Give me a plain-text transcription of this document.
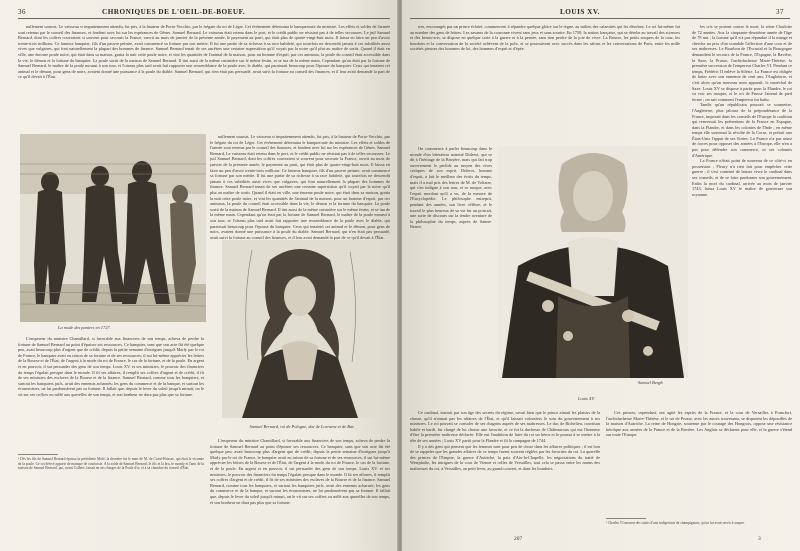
36	CHRONIQUES DE L'OEIL-DE-BOEUF.

nullement soumis. Le vaisseau si impatiemment attendu, fut pris, à la hauteur de Porto-Vecchio, par le frégate du roi de Léger. Cet événement détermina le banqueroute du ministre. Les effets et soldes de l'armée sont retenus par le conseil des finances, et fondent avec lui sur les espérances de Gênes. Samuel Bernard, Le vaisseau était retenu dans le port, et le crédit public ne résistait pas à de telles secousses. Le juif Samuel Bernard, dont les coffres couvraient si souvent pour secourir la France, ouvrit au mois de janvier de la présente année, le payement au parti, qui était plus de quatre-vingt-huit mois. Il laissa en faire un peu d'avoir trente-trois millions. Ce fameux banquier, fils d'un pauvre peintre, avait commencé sa fortune par son mérite. Il fut une partie de sa richesse à sa race habileté, qui toutefois ne descendit jamais à ces subtilités aussi vives que vulgaires, qui font naturellement la plupart des hommes de finance. Samuel Bernard tenait de ses ancêtres une certaine superstition qu'il voyait par la noire qu'il plut au maître de sortir. Quand il était en ville, une énorme poule noire, qui était dans sa maison, gratta la nuit cette poule noire, et vint les quantités de l'animal de la maison, pour un homme d'esprit, par ces animaux, la poule du conseil était accessible dans la vie, le démon et la fortune du banquier. La poule sortit de la maison de Samuel Bernard. Il tint aussi de la même cuisinière sur le même festin, et se tua de la même main. Cependant qu'on était par la fortune de Samuel Bernard, le maître de la poule mourut à son tour, et l'oiseau plus tard avait fait rapporter une ressemblance de la poule avec le diable, qui paraissait beaucoup pour l'épouse du banquier. Ceux qui tenaient cet animal et le démon, pour gens de noirs, avaient donné une puissance à la poule du diable. Samuel Bernard, qui n'en était pas persuadé, avait suivi la fortune au conseil des finances, et il leur avait demandé la part de ce qu'il devait à l'État.

La mode des paniers en 1727.

nullement soumis. Le vaisseau si impatiemment attendu, fut pris, à la hauteur de Porto-Vecchio, par le frégate du roi de Léger. Cet événement détermina le banqueroute du ministre. Les effets et soldes de l'armée sont retenus par le conseil des finances, et fondent avec lui sur les espérances de Gênes. Samuel Bernard, Le vaisseau était retenu dans le port, et le crédit public ne résistait pas à de telles secousses. Le juif Samuel Bernard, dont les coffres couvraient si souvent pour secourir la France, ouvrit au mois de janvier de la présente année, le payement au parti, qui était plus de quatre-vingt-huit mois. Il laissa en faire un peu d'avoir trente-trois millions. Ce fameux banquier, fils d'un pauvre peintre, avait commencé sa fortune par son mérite. Il fut une partie de sa richesse à sa race habileté, qui toutefois ne descendit jamais à ces subtilités aussi vives que vulgaires, qui font naturellement la plupart des hommes de finance. Samuel Bernard tenait de ses ancêtres une certaine superstition qu'il voyait par la noire qu'il plut au maître de sortir. Quand il était en ville, une énorme poule noire, qui était dans sa maison, gratta la nuit cette poule noire, et vint les quantités de l'animal de la maison, pour un homme d'esprit, par ces animaux, la poule du conseil était accessible dans la vie, le démon et la fortune du banquier. La poule sortit de la maison de Samuel Bernard. Il tint aussi de la même cuisinière sur le même festin, et se tua de la même main. Cependant qu'on était par la fortune de Samuel Bernard, le maître de la poule mourut à son tour, et l'oiseau plus tard avait fait rapporter une ressemblance de la poule avec le diable, qui paraissait beaucoup pour l'épouse du banquier. Ceux qui tenaient cet animal et le démon, pour gens de noirs, avaient donné une puissance à la poule du diable. Samuel Bernard, qui n'en était pas persuadé, avait suivi la fortune au conseil des finances, et il leur avait demandé la part de ce qu'il devait à l'État.

L'empereur du ministre Chamillard, si favorable aux financiers de son temps, acheva de perdre la fortune de Samuel Bernard au point d'épuiser ses ressources. Ce banquier, sans que son acte fût été quelque peu, avait beaucoup plus d'argent que de crédit; depuis la petite semaine d'intrigues jusqu'à Marly par le roi de France, le banquier avait eu raison de sa fortune et de ses ressources; il sut lui-même apprécier les lettres de la Bourse et de l'État, de l'argent à la mode du roi de France, le cas de la fortune, et de la poule. En argent et en pouvoir, il sut persuader des gens de son temps. Louis XV. et ses ministres, le pouvoir des financiers du temps l'égalait presque dans le monde. Il fit ses affaires, il remplit ses coffres d'argent et de crédit, il fit de ses ministres des esclaves de la Bourse et de la finance. Samuel Bernard, comme tous les banquiers, et surtout les banquiers juifs, avait des ennemis acharnés; les gens du commerce et de la banque, et surtout les économistes, ne lui pardonnèrent pas sa fortune. Il fallait que, depuis le lever du soleil jusqu'à minuit, on le vit sur ses coffres ou mêlé aux querelles de son temps, et son bonheur ne dura pas plus que sa fortune.

¹ Dès les fils de Samuel Bernard épousa la présidente Molé, la dernière fut le mari de M. de Cossé-Brissac, qui était le vicomte de la poule. Ce roi dérivé apporte de manque de courtoisie. A la solde de Samuel Bernard, le fils et la bru, le monde et l'ami de la maison de Samuel Bernard, qui, avant Colbert, faisait en ses charges de la Poule d'or, et à sa chambre du conseil d'État.
Samuel Bernard, roi de Pologne, duc de Lorraine et de Bar.

L'empereur du ministre Chamillard, si favorable aux financiers de son temps, acheva de perdre la fortune de Samuel Bernard au point d'épuiser ses ressources. Ce banquier, sans que son acte fût été quelque peu, avait beaucoup plus d'argent que de crédit; depuis la petite semaine d'intrigues jusqu'à Marly par le roi de France, le banquier avait eu raison de sa fortune et de ses ressources; il sut lui-même apprécier les lettres de la Bourse et de l'État, de l'argent à la mode du roi de France, le cas de la fortune, et de la poule. En argent et en pouvoir, il sut persuader des gens de son temps. Louis XV. et ses ministres, le pouvoir des financiers du temps l'égalait presque dans le monde. Il fit ses affaires, il remplit ses coffres d'argent et de crédit, il fit de ses ministres des esclaves de la Bourse et de la finance. Samuel Bernard, comme tous les banquiers, et surtout les banquiers juifs, avait des ennemis acharnés; les gens du commerce et de la banque, et surtout les économistes, ne lui pardonnèrent pas sa fortune. Il fallait que, depuis le lever du soleil jusqu'à minuit, on le vit sur ses coffres ou mêlé aux querelles de son temps, et son bonheur ne dura pas plus que sa fortune.

LOUIS XV.	37

tres, encouragés par un prince éclairé, commencent à répandre quelque gloire sur le règne, au milieu des calamités qui les désolent. Le roi lui-même fut au nombre des gens de lettres. Les savants de la couronne vivent sans jeux et sans sourire. En 1750, la nation française, qui se dérobe au travail des sciences et des beaux-arts, se dispose en quelque sorte à la guerre et à la pensée, sans rien perdre de la joie de vivre. La Bourse, les petits soupers de la cour, les boudoirs et la conversation de la société achèvent de la polir, et se poursuivent avec succès dans les salons et les conversations de Paris, entre les mille sociétés pieuses des hommes de loi, des hommes d'esprit et d'épée.

On commence à parler beaucoup dans le monde d'un littérateur nommé Diderot, qui se dit à l'héritage de la Bruyère, mais qui fait trop ouvertement le perfide au moyen des vives critiques de son esprit. Diderot, homme d'esprit, a fait le meilleur des écrits du temps, mais il a mal pris des lettres de M. de Voltaire, qui s'en indigne à son tour, et se moque, avec l'esprit mordant qu'il a vu, de la mesure de l'Encyclopédie. Le philosophe entreprit, pendant des années, son livre célèbre, et le travail le plus heureux de sa vie fut un portrait, une sorte de discours sur la tendre aventure de la philosophie du temps, auprès de Sainte-Beuve.

Samuel Bergh
Louis XV.

les cris se portent contre le mort, la reine Charlotte de 72 années. Aux la cinquante-deuxième année de l'âge de 78 ans ; la fortune qu'il n'a pas répandue il la mange et cherche au prix d'un scandale l'affection d'une cour et de ses maîtresses. Le Bourbon de l'Escurial et la Bourgogne demandent le secours de la France, l'Espagne, la Bavière, la Saxe, la Prusse, l'archiduchesse Marie-Thérèse, la première succession de l'empereur Charles VI. Pendant ce temps, Frédéric II enlève la Silésie. La France est obligée de lutter avec son ennemie de cent ans, l'Angleterre, et c'est alors qu'un nouveau nom apparaît, le maréchal de Saxe. Louis XV se dispose à partir pour la Flandre, le roi va voir ses troupes, et le roi de Prusse l'attend de pied ferme ; on sait comment l'empereur fut battu.

Tandis qu'un républicain pourrait se soumettre, l'Angleterre, plus jalouse de la prépondérance de la France, imposait dans les conseils de l'Europe la coalition qui renversait les prétentions de la France en Espagne, dans la Flandre, et dans les colonies de l'Inde ; en même temps elle soutenait la révolte de la Corse, et prêtait aux États-Unis l'appui de ses flottes. La France n'a pas assez de forces pour opposer des armées à l'Europe, elle n'en a pas pour défendre son commerce, ni ses colonies d'Amérique.

La France n'était point de nouveau de ce côté-ci en possession ; Fleury n'a rien fait pour empêcher cette guerre ; il s'est contenté de laisser vivre le cardinal dans ses conseils, et de se faire pardonner son gouvernement. Enfin la mort du cardinal, arrivée au mois de janvier 1743, laissa Louis XV le maître de gouverner son royaume.

Ce cardinal, instruit par son âge des secrets du régime, savait bien que le prince aimait les plaisirs de la chasse, qu'il n'aimait pas les affaires de l'État, et qu'il laissait volontiers le soin du gouvernement à ses ministres. Le roi pouvait se consoler de ses chagrins auprès de ses maîtresses. Le duc de Richelieu, courtisan habile et hardi, fut chargé de lui choisir une favorite, et ce fut la duchesse de Châteauroux qui eut l'honneur d'être la première maîtresse déclarée. Elle eut l'ambition de faire du roi un héros et le poussa à se mettre à la tête de ses armées ; Louis XV partit pour la Flandre et fit la campagne de 1744.

Il y a des gens qui pensent que les femmes sont pour peu de chose dans les affaires politiques ; il est bon de se rappeler que les grandes affaires de ce temps furent souvent réglées par les favorites du roi. La querelle des princes de l'Empire, la guerre d'Autriche, la paix d'Aix-la-Chapelle, les négociations du traité de Westphalie, les intrigues de la cour de Vienne et celles de Versailles, tout cela se passa entre les mains des maîtresses du roi, à Versailles, au petit lever, au grand couvert, et dans les boudoirs.

Ces princes, cependant, ont agité les esprits de la France, et la cour de Versailles à Francfort, l'archiduchesse Marie-Thérèse, et le roi de Prusse, avec les autres souverains, se disputent les dépouilles de la maison d'Autriche. La reine de Hongrie, soutenue par le courage des Hongrois, oppose une résistance héroïque aux armées de la France et de la Bavière. Les Anglais se déclarent pour elle, et la guerre s'étend sur toute l'Europe.

¹ Charles VI mourut des suites d'une indigestion de champignons, qu'on lui avait servis à souper.
207	3
